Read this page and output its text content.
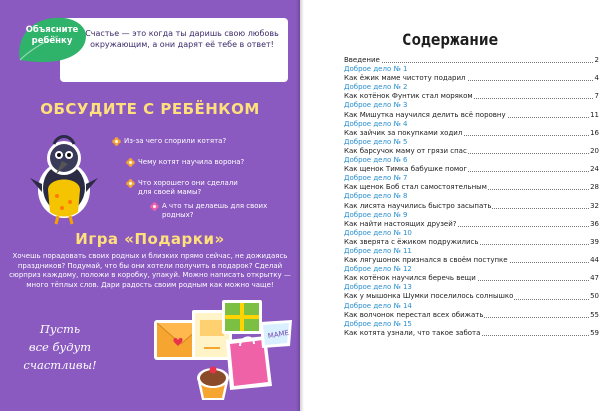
Объясните ребёнку
Счастье — это когда ты даришь свою любовь окружающим, а они дарят её тебе в ответ!
ОБСУДИТЕ С РЕБЁНКОМ
Из-за чего спорили котята?
Чему котят научила ворона?
Что хорошего они сделали для своей мамы?
А что ты делаешь для своих родных?
Игра «Подарки»
Хочешь порадовать своих родных и близких прямо сейчас, не дожидаясь праздников? Подумай, что бы они хотели получить в подарок? Сделай сюрприз каждому, положи в коробку, упакуй. Можно написать открытку — много тёплых слов. Дари радость своим родным как можно чаще!
Пусть
все будут
счастливы!
МАМЕ
Содержание
Введение	2
Доброе дело № 1
Как ёжик маме чистоту подарил	4
Доброе дело № 2
Как котёнок Фунтик стал моряком	7
Доброе дело № 3
Как Мишутка научился делить всё поровну	11
Доброе дело № 4
Как зайчик за покупками ходил	16
Доброе дело № 5
Как барсучок маму от грязи спас	20
Доброе дело № 6
Как щенок Тимка бабушке помог	24
Доброе дело № 7
Как щенок Боб стал самостоятельным	28
Доброе дело № 8
Как лисята научились быстро засыпать	32
Доброе дело № 9
Как найти настоящих друзей?	36
Доброе дело № 10
Как зверята с ёжиком подружились	39
Доброе дело № 11
Как лягушонок признался в своём поступке	44
Доброе дело № 12
Как котёнок научился беречь вещи	47
Доброе дело № 13
Как у мышонка Шумки поселилось солнышко	50
Доброе дело № 14
Как волчонок перестал всех обижать	55
Доброе дело № 15
Как котята узнали, что такое забота	59
